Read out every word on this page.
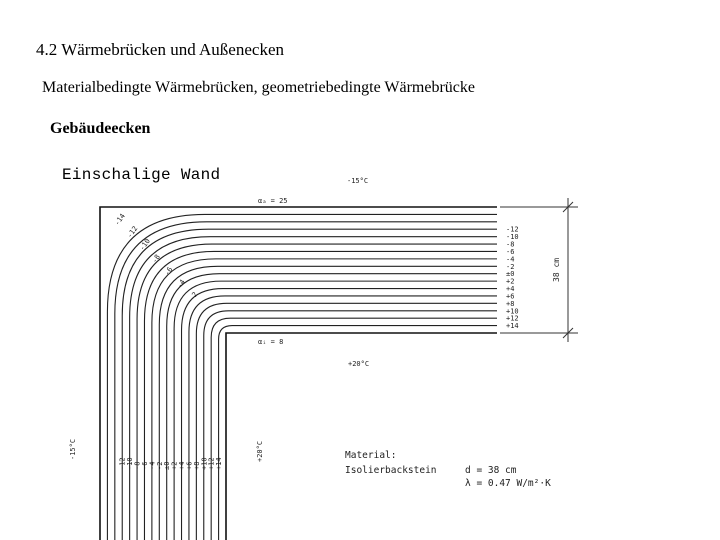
4.2 Wärmebrücken und Außenecken
Materialbedingte Wärmebrücken, geometriebedingte Wärmebrücke
Gebäudeecken
Einschalige Wand
-12
-10
-8
-6
-4
-2
±0
+2
+4
+6
+8
+10
+12
+14
-12 -10 -8 -6 -4 -2 ±0 +2 +4 +6 +8 +10 +12 +14
-14
-12
-10
-8
-6
-4
-2
-15°C
-15°C
+20°C
+20°C
αₐ = 25
αᵢ = 8
38 cm
Material:
Isolierbackstein	d = 38 cm
λ = 0.47 W/m²·K
